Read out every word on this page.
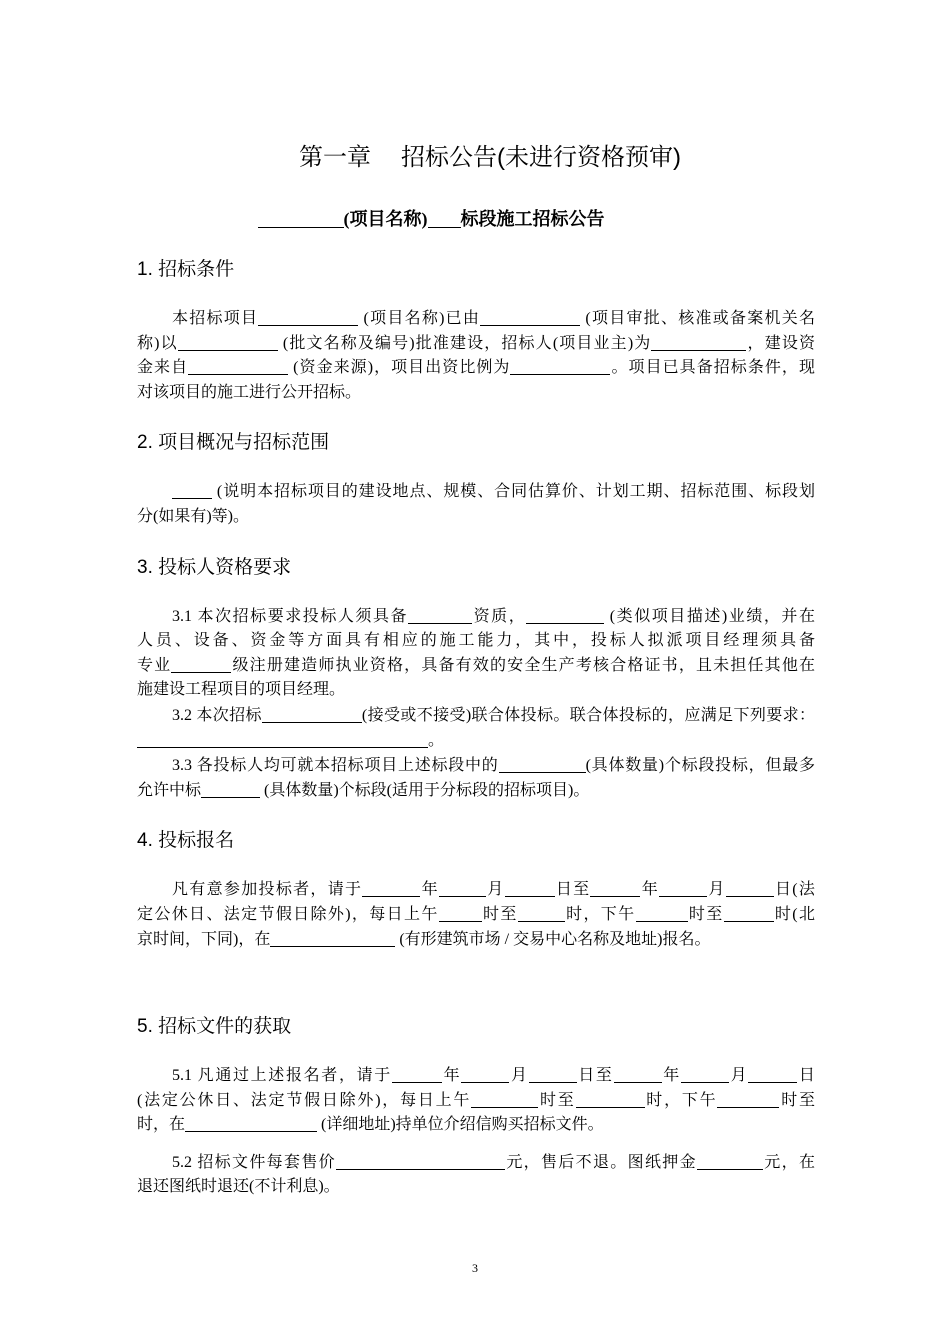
第一章 招标公告(未进行资格预审)
(项目名称) 标段施工招标公告
1. 招标条件
本招标项目	(项目名称)已由	(项目审批、核准或备案机关名
称)以	(批文名称及编号)批准建设，招标人(项目业主)为	，建设资
金来自	(资金来源)，项目出资比例为	。项目已具备招标条件，现
对该项目的施工进行公开招标。
2. 项目概况与招标范围
(说明本招标项目的建设地点、规模、合同估算价、计划工期、招标范围、标段划
分(如果有)等)。
3. 投标人资格要求
3.1 本次招标要求投标人须具备	资质，	(类似项目描述)业绩，并在
人员、设备、资金等方面具有相应的施工能力，其中，投标人拟派项目经理须具备
专业	级注册建造师执业资格，具备有效的安全生产考核合格证书，且未担任其他在
施建设工程项目的项目经理。
3.2 本次招标	(接受或不接受)联合体投标。联合体投标的，应满足下列要求：
。
3.3 各投标人均可就本招标项目上述标段中的	(具体数量)个标段投标，但最多
允许中标	(具体数量)个标段(适用于分标段的招标项目)。
4. 投标报名
凡有意参加投标者，请于	年	月	日至	年	月	日(法
定公休日、法定节假日除外)，每日上午	时至	时，下午	时至	时(北
京时间，下同)，在	(有形建筑市场 / 交易中心名称及地址)报名。
5. 招标文件的获取
5.1 凡通过上述报名者，请于	年	月	日至	年	月	日
(法定公休日、法定节假日除外)，每日上午	时至	时，下午	时至
时，在	(详细地址)持单位介绍信购买招标文件。
5.2 招标文件每套售价	元，售后不退。图纸押金	元，在
退还图纸时退还(不计利息)。
3
